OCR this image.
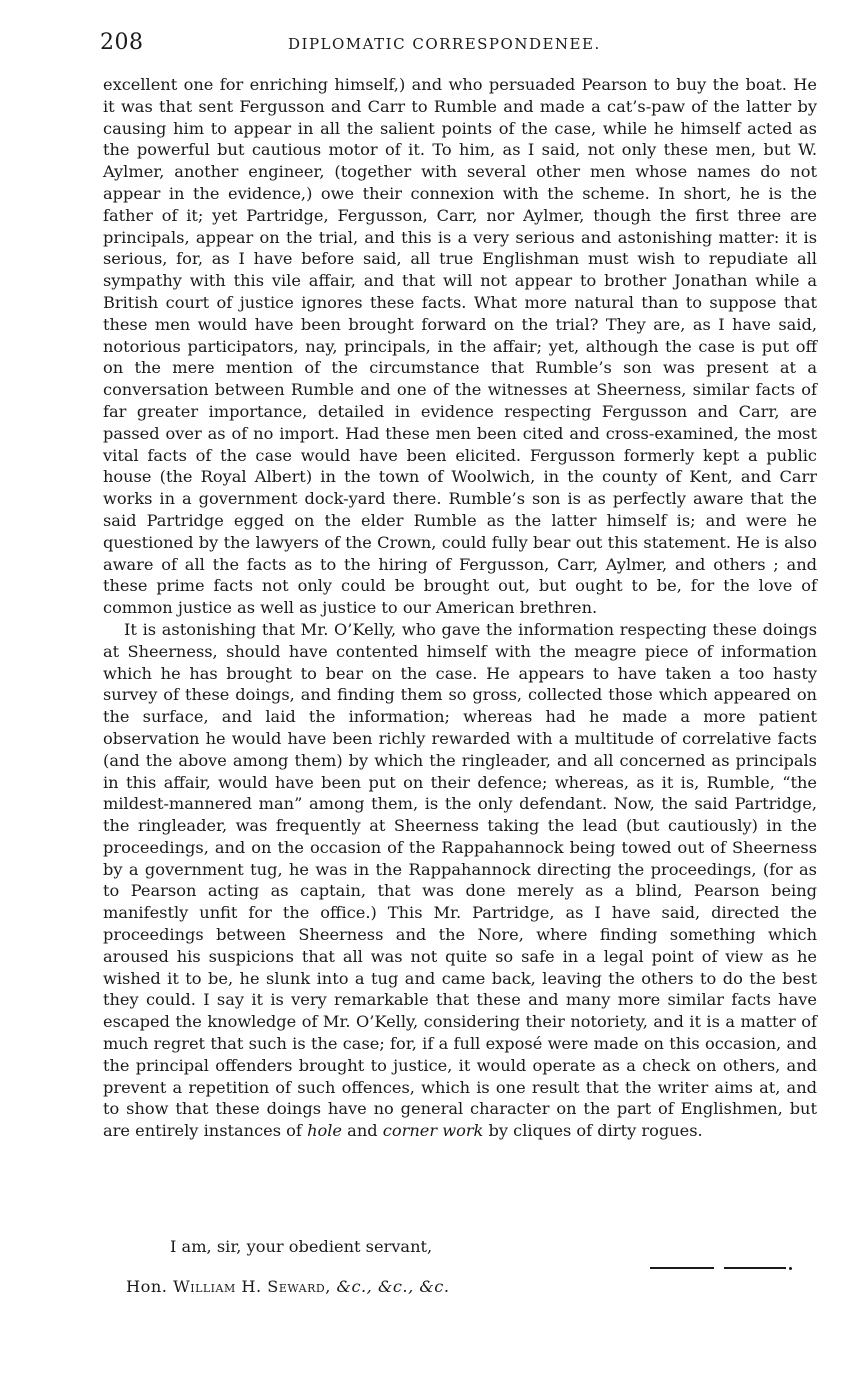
208	DIPLOMATIC CORRESPONDENEE.

excellent one for enriching himself,) and who persuaded Pearson to buy the boat. He it was that sent Fergusson and Carr to Rumble and made a cat’s-paw of the latter by causing him to appear in all the salient points of the case, while he himself acted as the powerful but cautious motor of it. To him, as I said, not only these men, but W. Aylmer, another engineer, (together with several other men whose names do not appear in the evidence,) owe their connexion with the scheme. In short, he is the father of it; yet Partridge, Fergusson, Carr, nor Aylmer, though the first three are principals, appear on the trial, and this is a very serious and astonishing matter: it is serious, for, as I have before said, all true Englishman must wish to repudiate all sympathy with this vile affair, and that will not appear to brother Jonathan while a British court of justice ignores these facts. What more natural than to suppose that these men would have been brought forward on the trial? They are, as I have said, notorious participators, nay, principals, in the affair; yet, although the case is put off on the mere mention of the circumstance that Rumble’s son was present at a conversation between Rumble and one of the witnesses at Sheerness, similar facts of far greater importance, detailed in evidence respecting Fergusson and Carr, are passed over as of no import. Had these men been cited and cross-examined, the most vital facts of the case would have been elicited. Fergusson formerly kept a public house (the Royal Albert) in the town of Woolwich, in the county of Kent, and Carr works in a government dock-yard there. Rumble’s son is as perfectly aware that the said Partridge egged on the elder Rumble as the latter himself is; and were he questioned by the lawyers of the Crown, could fully bear out this statement. He is also aware of all the facts as to the hiring of Fergusson, Carr, Aylmer, and others ; and these prime facts not only could be brought out, but ought to be, for the love of common justice as well as justice to our American brethren.

It is astonishing that Mr. O’Kelly, who gave the information respecting these doings at Sheerness, should have contented himself with the meagre piece of information which he has brought to bear on the case. He appears to have taken a too hasty survey of these doings, and finding them so gross, collected those which appeared on the surface, and laid the information; whereas had he made a more patient observation he would have been richly rewarded with a multitude of correlative facts (and the above among them) by which the ringleader, and all concerned as principals in this affair, would have been put on their defence; whereas, as it is, Rumble, “the mildest-mannered man” among them, is the only defendant. Now, the said Partridge, the ringleader, was frequently at Sheerness taking the lead (but cautiously) in the proceedings, and on the occasion of the Rappahannock being towed out of Sheerness by a government tug, he was in the Rappahannock directing the proceedings, (for as to Pearson acting as captain, that was done merely as a blind, Pearson being manifestly unfit for the office.) This Mr. Partridge, as I have said, directed the proceedings between Sheerness and the Nore, where finding something which aroused his suspicions that all was not quite so safe in a legal point of view as he wished it to be, he slunk into a tug and came back, leaving the others to do the best they could. I say it is very remarkable that these and many more similar facts have escaped the knowledge of Mr. O’Kelly, considering their notoriety, and it is a matter of much regret that such is the case; for, if a full exposé were made on this occasion, and the principal offenders brought to justice, it would operate as a check on others, and prevent a repetition of such offences, which is one result that the writer aims at, and to show that these doings have no general character on the part of Englishmen, but are entirely instances of hole and corner work by cliques of dirty rogues.

I am, sir, your obedient servant,
Hon. William H. Seward, &c., &c., &c.
